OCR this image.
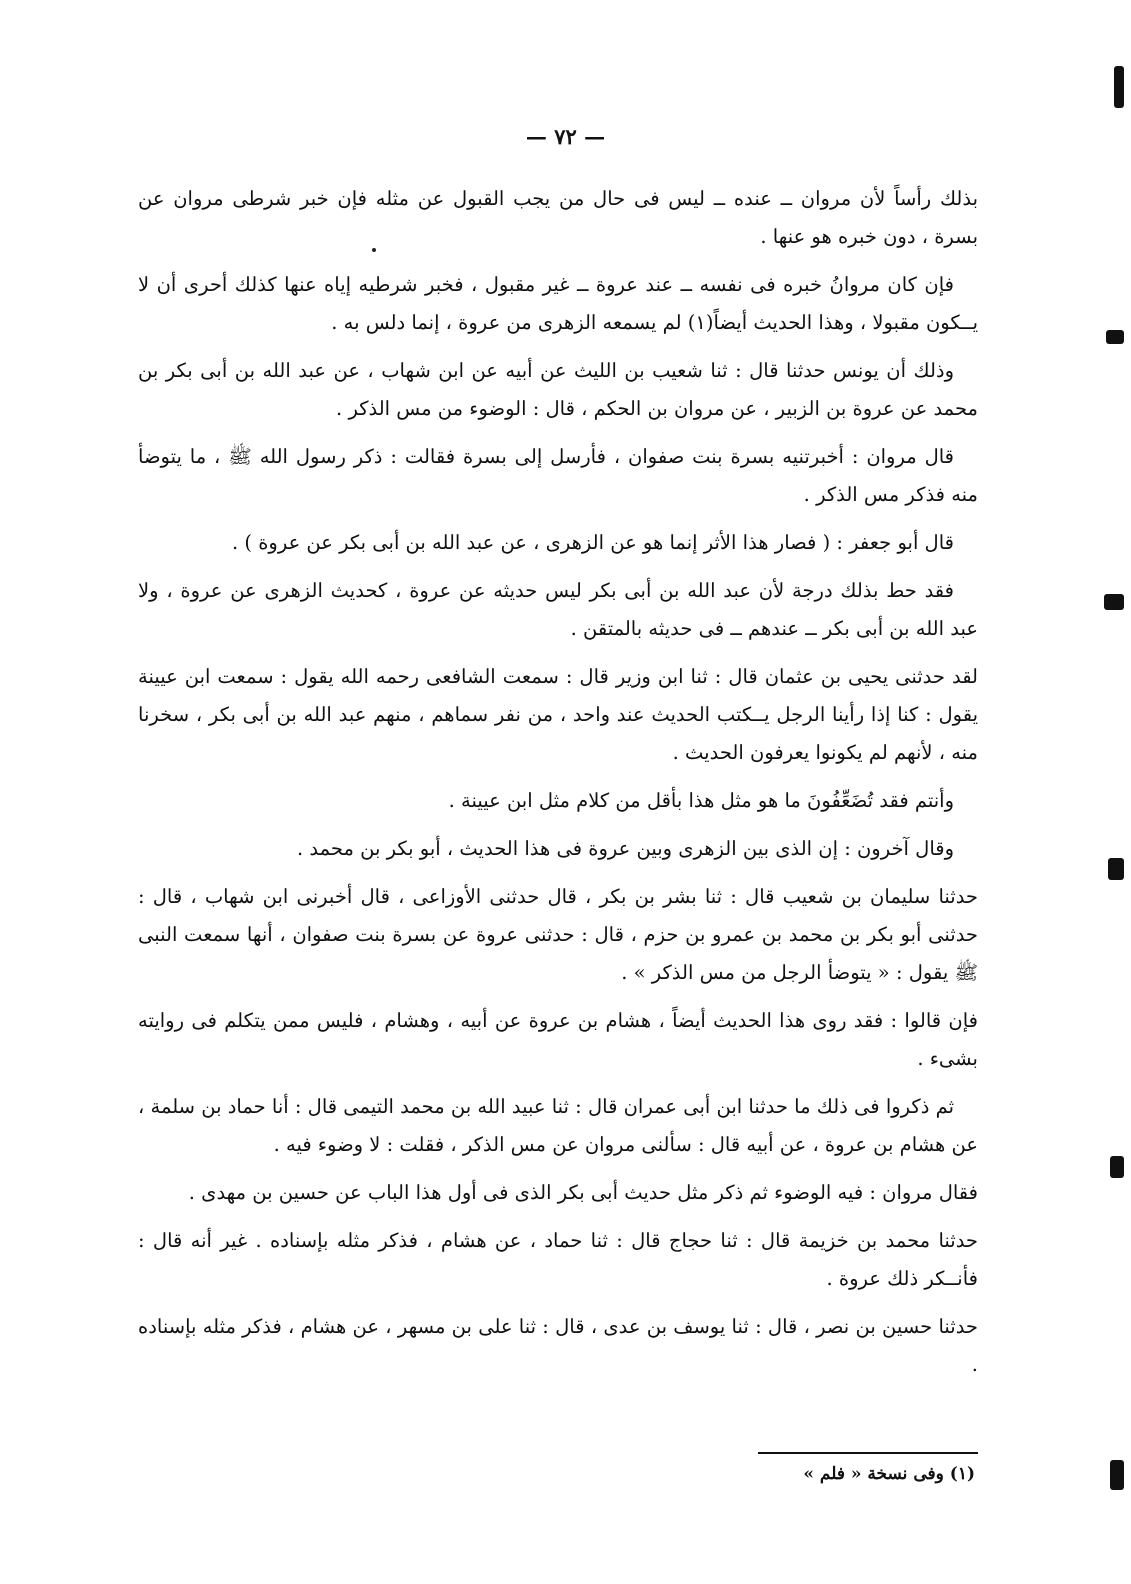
— ٧٢ —

بذلك رأساً لأن مروان ــ عنده ــ ليس فى حال من يجب القبول عن مثله فإن خبر شرطى مروان عن بسرة ، دون خبره هو عنها .

فإن كان مروانُ خبره فى نفسه ــ عند عروة ــ غير مقبول ، فخبر شرطيه إياه عنها كذلك أحرى أن لا يــكون مقبولا ، وهذا الحديث أيضاً(١) لم يسمعه الزهرى من عروة ، إنما دلس به .

وذلك أن يونس حدثنا قال : ثنا شعيب بن الليث عن أبيه عن ابن شهاب ، عن عبد الله بن أبى بكر بن محمد عن عروة بن الزبير ، عن مروان بن الحكم ، قال : الوضوء من مس الذكر .

قال مروان : أخبرتنيه بسرة بنت صفوان ، فأرسل إلى بسرة فقالت : ذكر رسول الله ﷺ ، ما يتوضأ منه فذكر مس الذكر .

قال أبو جعفر : ( فصار هذا الأثر إنما هو عن الزهرى ، عن عبد الله بن أبى بكر عن عروة ) .

فقد حط بذلك درجة لأن عبد الله بن أبى بكر ليس حديثه عن عروة ، كحديث الزهرى عن عروة ، ولا عبد الله بن أبى بكر ــ عندهم ــ فى حديثه بالمتقن .

لقد حدثنى يحيى بن عثمان قال : ثنا ابن وزير قال : سمعت الشافعى رحمه الله يقول : سمعت ابن عيينة يقول : كنا إذا رأينا الرجل يــكتب الحديث عند واحد ، من نفر سماهم ، منهم عبد الله بن أبى بكر ، سخرنا منه ، لأنهم لم يكونوا يعرفون الحديث .

وأنتم فقد تُضَعِّفُونَ ما هو مثل هذا بأقل من كلام مثل ابن عيينة .

وقال آخرون : إن الذى بين الزهرى وبين عروة فى هذا الحديث ، أبو بكر بن محمد .

حدثنا سليمان بن شعيب قال : ثنا بشر بن بكر ، قال حدثنى الأوزاعى ، قال أخبرنى ابن شهاب ، قال : حدثنى أبو بكر بن محمد بن عمرو بن حزم ، قال : حدثنى عروة عن بسرة بنت صفوان ، أنها سمعت النبى ﷺ يقول : « يتوضأ الرجل من مس الذكر » .

فإن قالوا : فقد روى هذا الحديث أيضاً ، هشام بن عروة عن أبيه ، وهشام ، فليس ممن يتكلم فى روايته بشىء .

ثم ذكروا فى ذلك ما حدثنا ابن أبى عمران قال : ثنا عبيد الله بن محمد التيمى قال : أنا حماد بن سلمة ، عن هشام بن عروة ، عن أبيه قال : سألنى مروان عن مس الذكر ، فقلت : لا وضوء فيه .

فقال مروان : فيه الوضوء ثم ذكر مثل حديث أبى بكر الذى فى أول هذا الباب عن حسين بن مهدى .

حدثنا محمد بن خزيمة قال : ثنا حجاج قال : ثنا حماد ، عن هشام ، فذكر مثله بإسناده . غير أنه قال : فأنــكر ذلك عروة .

حدثنا حسين بن نصر ، قال : ثنا يوسف بن عدى ، قال : ثنا على بن مسهر ، عن هشام ، فذكر مثله بإسناده .

(١) وفى نسخة « فلم »
